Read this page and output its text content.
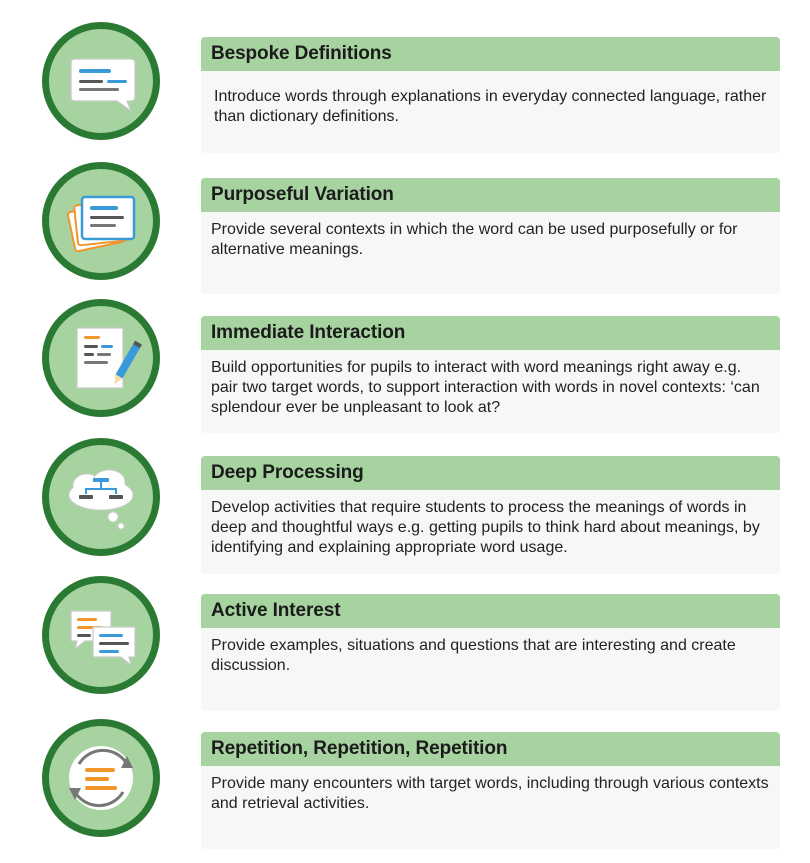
Bespoke Definitions
Introduce words through explanations in everyday connected language, rather than dictionary definitions.
Purposeful Variation
Provide several contexts in which the word can be used purposefully or for alternative meanings.
Immediate Interaction
Build opportunities for pupils to interact with word meanings right away e.g. pair two target words, to support interaction with words in novel contexts: ‘can splendour ever be unpleasant to look at?
Deep Processing
Develop activities that require students to process the meanings of words in deep and thoughtful ways e.g. getting pupils to think hard about meanings, by identifying and explaining appropriate word usage.
Active Interest
Provide examples, situations and questions that are interesting and create discussion.
Repetition, Repetition, Repetition
Provide many encounters with target words, including through various contexts and retrieval activities.
